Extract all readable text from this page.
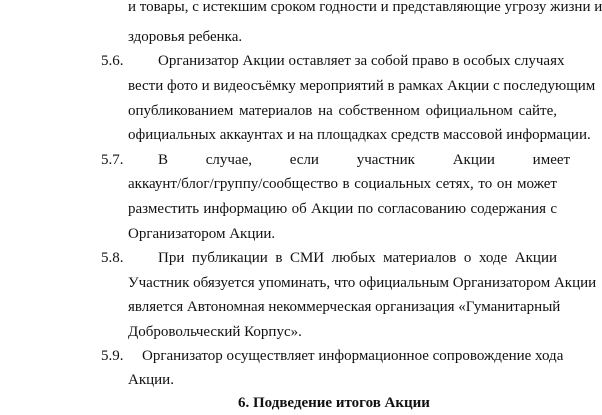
и товары, с истекшим сроком годности и представляющие угрозу жизни и
здоровья ребенка.
5.6. Организатор Акции оставляет за собой право в особых случаях
вести фото и видеосъёмку мероприятий в рамках Акции с последующим
опубликованием материалов на собственном официальном сайте,
официальных аккаунтах и на площадках средств массовой информации.
5.7. В случае, если участник Акции имеет
аккаунт/блог/группу/сообщество в социальных сетях, то он может
разместить информацию об Акции по согласованию содержания с
Организатором Акции.
5.8. При публикации в СМИ любых материалов о ходе Акции
Участник обязуется упоминать, что официальным Организатором Акции
является Автономная некоммерческая организация «Гуманитарный
Добровольческий Корпус».
5.9. Организатор осуществляет информационное сопровождение хода
Акции.
6. Подведение итогов Акции
